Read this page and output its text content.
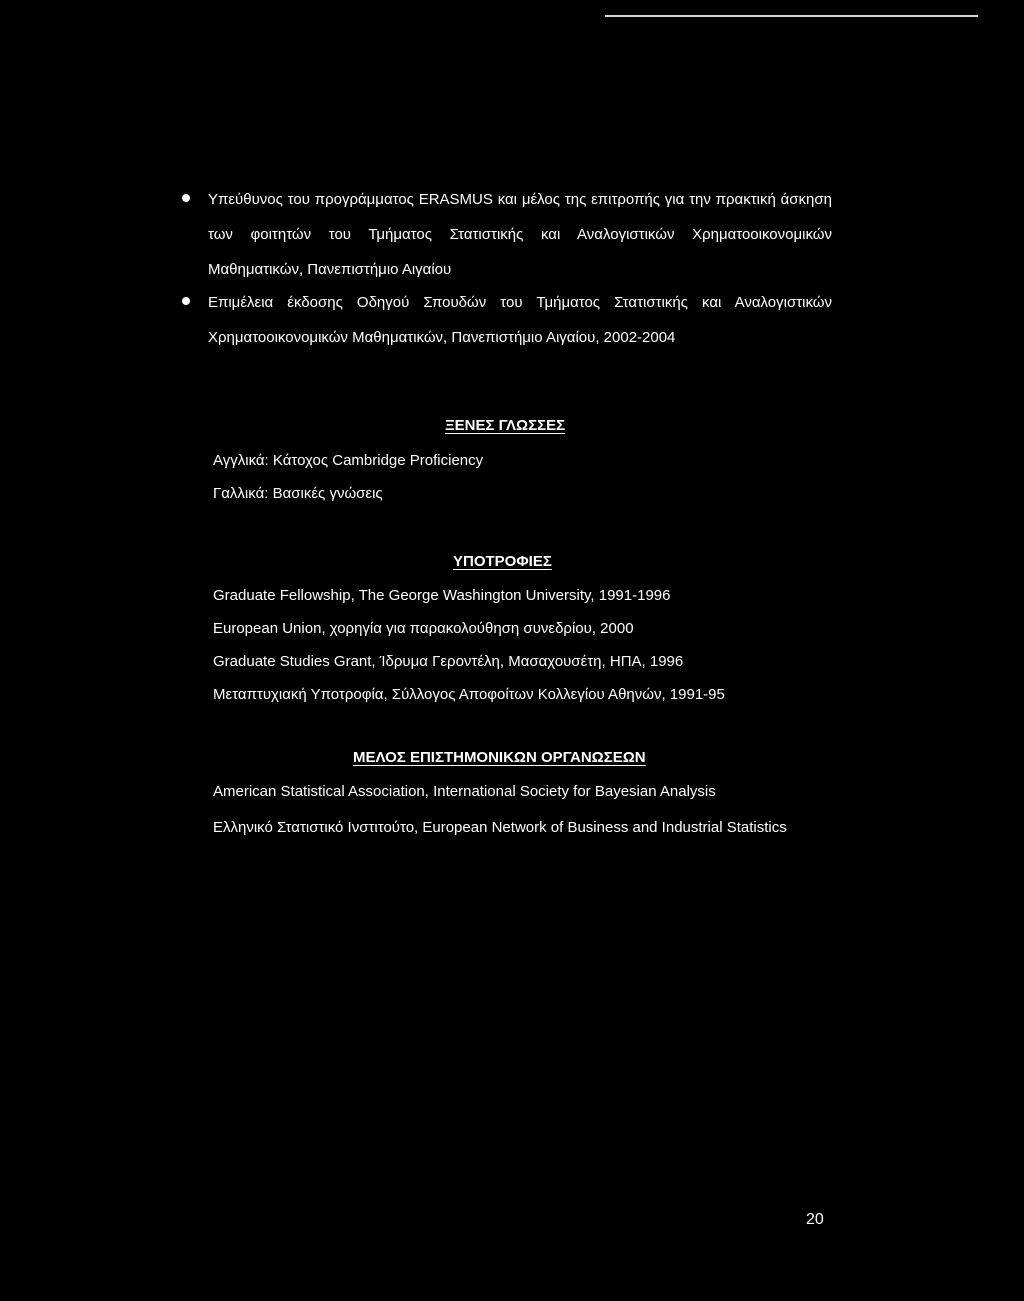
Υπεύθυνος του προγράμματος ERASMUS και μέλος της επιτροπής για την πρακτική άσκηση των φοιτητών του Τμήματος Στατιστικής και Αναλογιστικών Χρηματοοικονομικών Μαθηματικών, Πανεπιστήμιο Αιγαίου
Επιμέλεια έκδοσης Οδηγού Σπουδών του Τμήματος Στατιστικής και Αναλογιστικών Χρηματοοικονομικών Μαθηματικών, Πανεπιστήμιο Αιγαίου, 2002-2004
ΞΕΝΕΣ ΓΛΩΣΣΕΣ
Αγγλικά: Κάτοχος Cambridge Proficiency
Γαλλικά: Βασικές γνώσεις
ΥΠΟΤΡΟΦΙΕΣ
Graduate Fellowship, The George Washington University, 1991-1996
European Union, χορηγία για παρακολούθηση συνεδρίου, 2000
Graduate Studies Grant, Ίδρυμα Γεροντέλη, Μασαχουσέτη, ΗΠΑ, 1996
Μεταπτυχιακή Υποτροφία, Σύλλογος Αποφοίτων Κολλεγίου Αθηνών, 1991-95
ΜΕΛΟΣ ΕΠΙΣΤΗΜΟΝΙΚΩΝ ΟΡΓΑΝΩΣΕΩΝ
American Statistical Association, International Society for Bayesian Analysis
Ελληνικό Στατιστικό Ινστιτούτο, European Network of Business and Industrial Statistics
20
